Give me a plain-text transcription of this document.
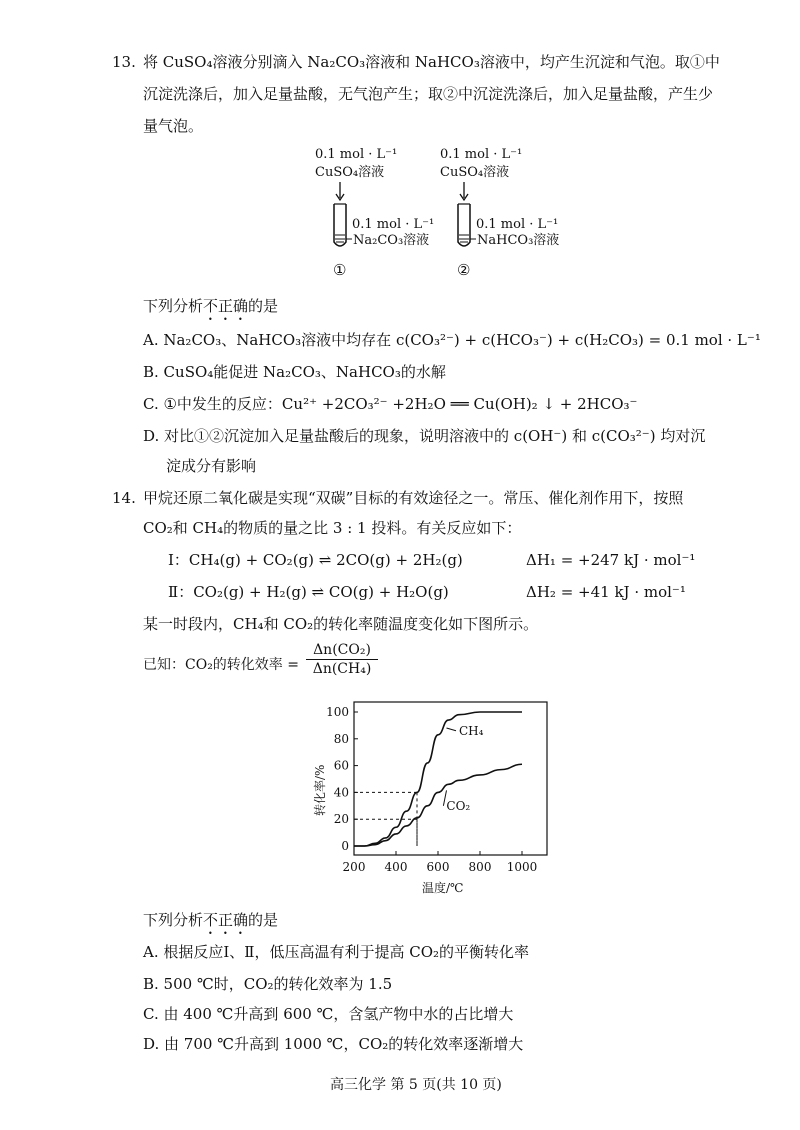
13. 将 CuSO₄溶液分别滴入 Na₂CO₃溶液和 NaHCO₃溶液中，均产生沉淀和气泡。取①中
沉淀洗涤后，加入足量盐酸，无气泡产生；取②中沉淀洗涤后，加入足量盐酸，产生少
量气泡。
0.1 mol · L⁻¹
CuSO₄溶液
0.1 mol · L⁻¹
Na₂CO₃溶液
①
0.1 mol · L⁻¹
CuSO₄溶液
0.1 mol · L⁻¹
NaHCO₃溶液
②
下列分析不正确的是
A. Na₂CO₃、NaHCO₃溶液中均存在 c(CO₃²⁻) + c(HCO₃⁻) + c(H₂CO₃) = 0.1 mol · L⁻¹
B. CuSO₄能促进 Na₂CO₃、NaHCO₃的水解
C. ①中发生的反应：Cu²⁺ +2CO₃²⁻ +2H₂O ══ Cu(OH)₂ ↓ + 2HCO₃⁻
D. 对比①②沉淀加入足量盐酸后的现象，说明溶液中的 c(OH⁻) 和 c(CO₃²⁻) 均对沉
淀成分有影响
14. 甲烷还原二氧化碳是实现“双碳”目标的有效途径之一。常压、催化剂作用下，按照
CO₂和 CH₄的物质的量之比 3 : 1 投料。有关反应如下：
Ⅰ：CH₄(g) + CO₂(g) ⇌ 2CO(g) + 2H₂(g)	ΔH₁ = +247 kJ · mol⁻¹
Ⅱ：CO₂(g) + H₂(g) ⇌ CO(g) + H₂O(g)	ΔH₂ = +41 kJ · mol⁻¹
某一时段内，CH₄和 CO₂的转化率随温度变化如下图所示。
已知：CO₂的转化效率 = $\frac{\text{Δn(CO₂)}}{\text{Δn(CH₄)}}$
转化率/%
温度/℃
0
20
40
60
80
100
200 400 600 800 1000
CH₄
CO₂
下列分析不正确的是
A. 根据反应Ⅰ、Ⅱ，低压高温有利于提高 CO₂的平衡转化率
B. 500 ℃时，CO₂的转化效率为 1.5
C. 由 400 ℃升高到 600 ℃，含氢产物中水的占比增大
D. 由 700 ℃升高到 1000 ℃，CO₂的转化效率逐渐增大
高三化学 第 5 页(共 10 页)
